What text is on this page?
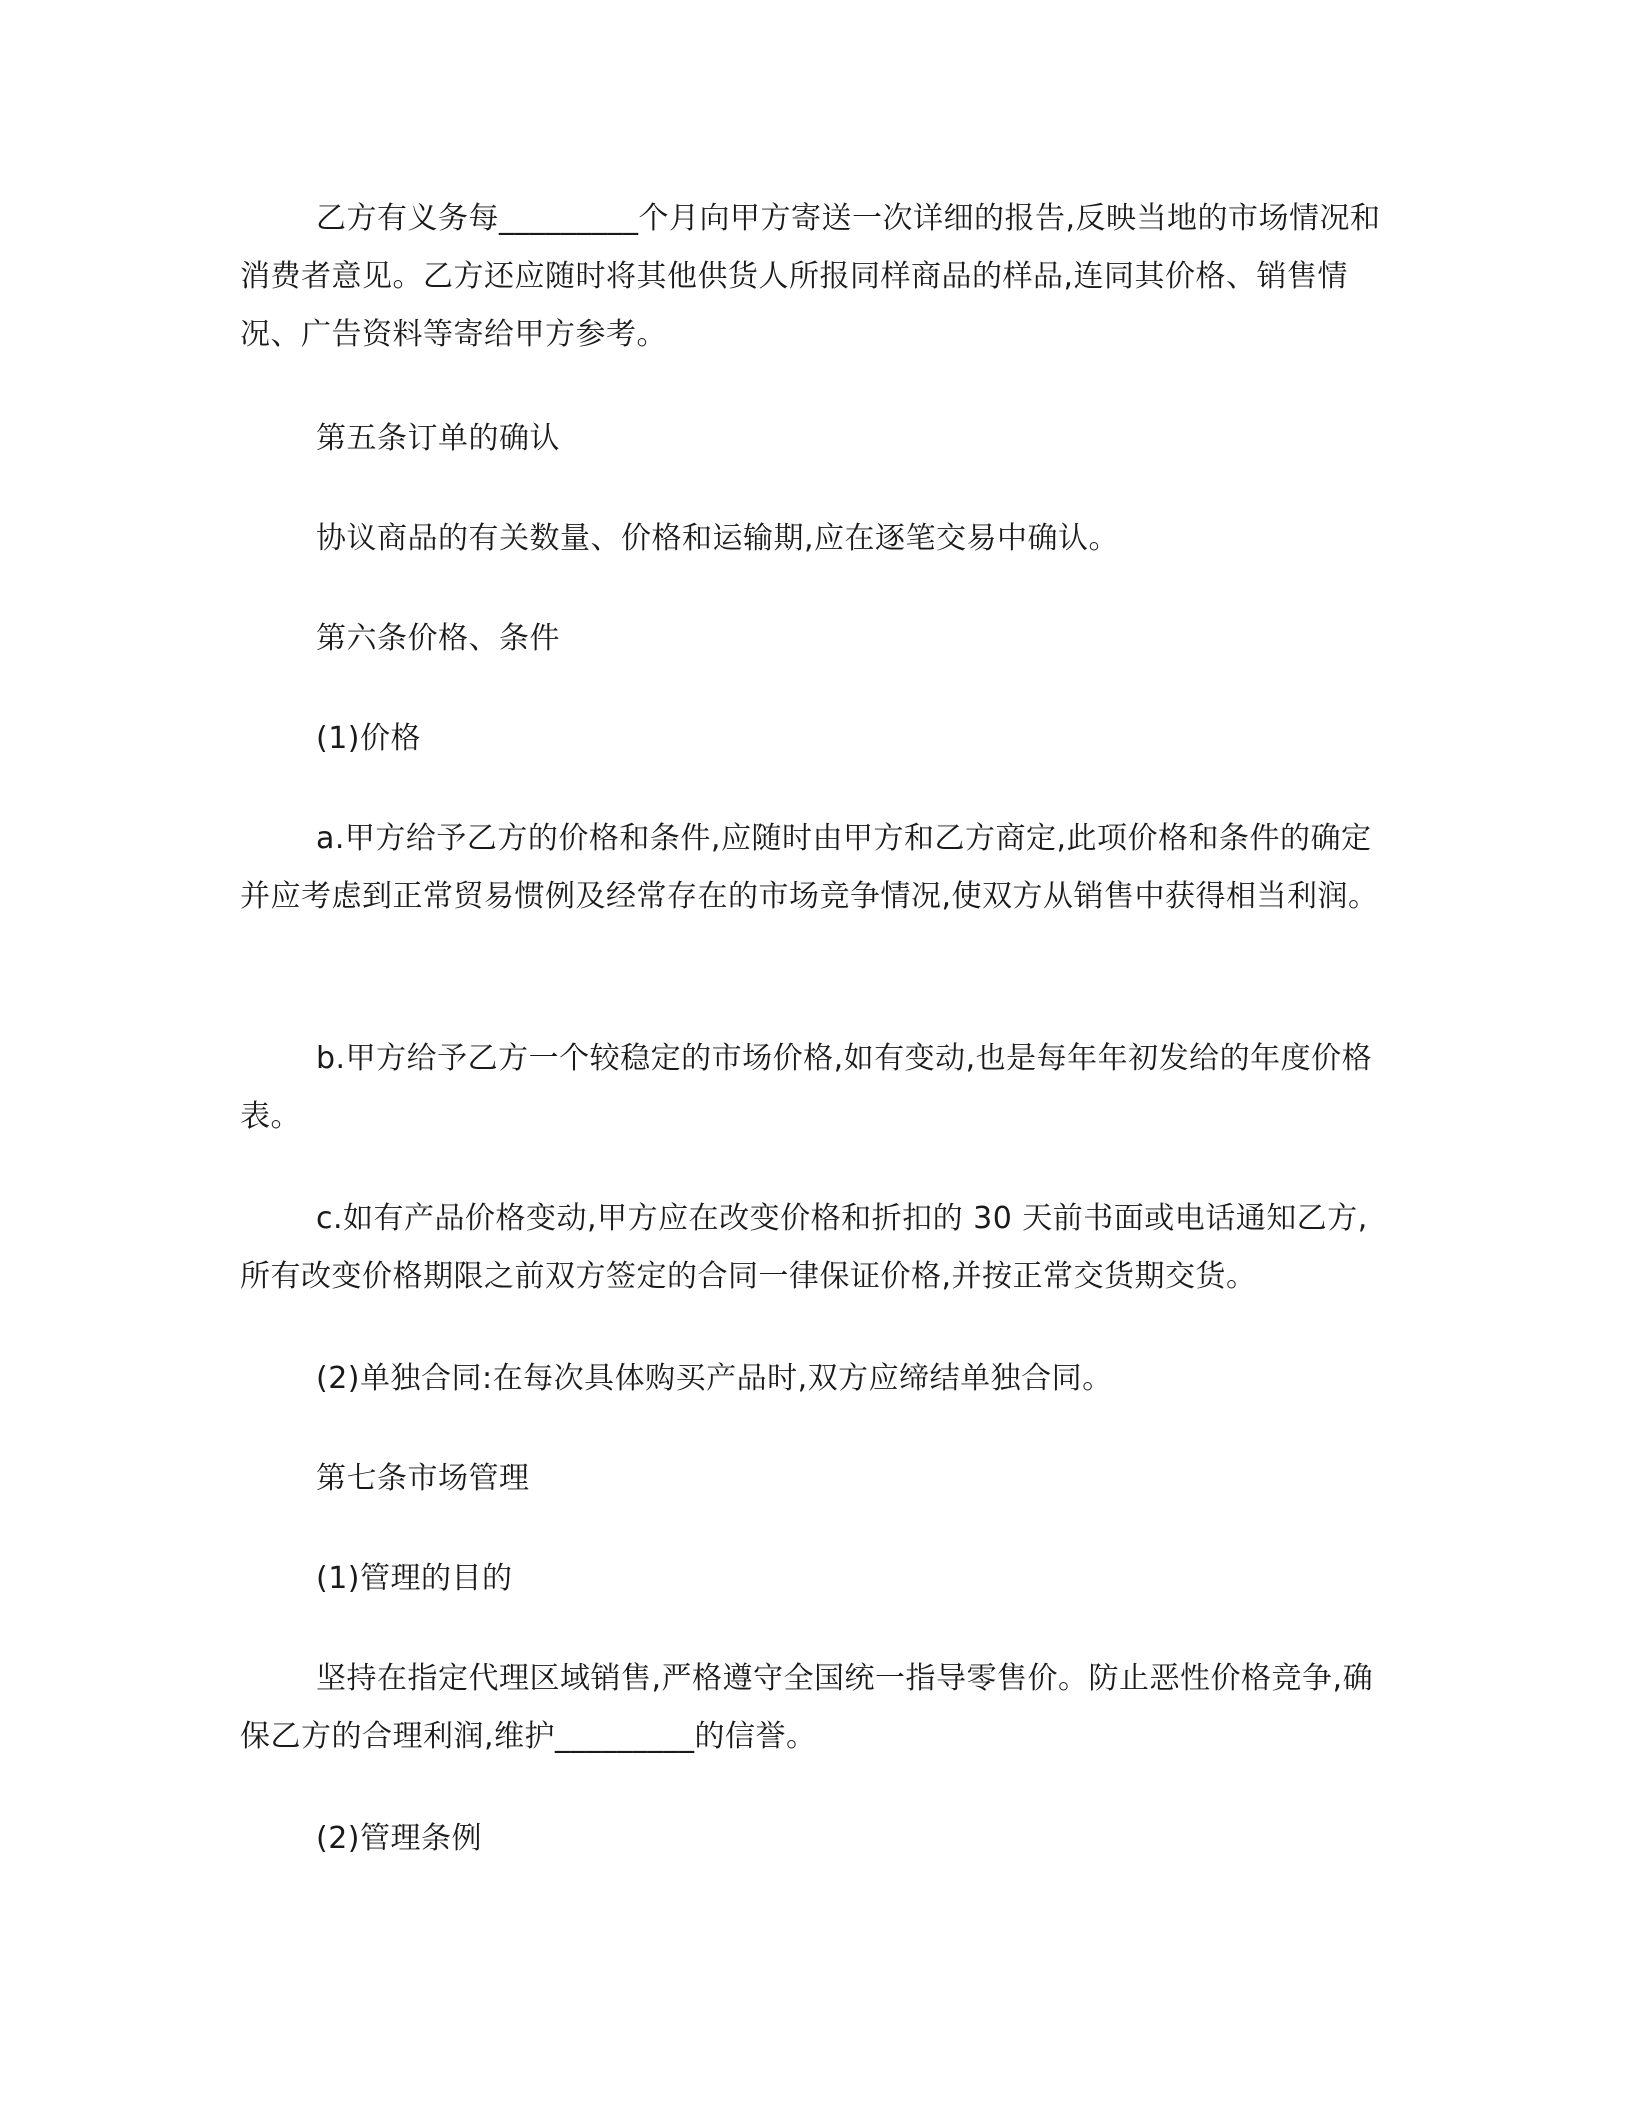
乙方有义务每_________个月向甲方寄送一次详细的报告,反映当地的市场情况和消费者意见。乙方还应随时将其他供货人所报同样商品的样品,连同其价格、销售情况、广告资料等寄给甲方参考。

第五条订单的确认

协议商品的有关数量、价格和运输期,应在逐笔交易中确认。

第六条价格、条件

(1)价格

a.甲方给予乙方的价格和条件,应随时由甲方和乙方商定,此项价格和条件的确定并应考虑到正常贸易惯例及经常存在的市场竞争情况,使双方从销售中获得相当利润。

b.甲方给予乙方一个较稳定的市场价格,如有变动,也是每年年初发给的年度价格表。

c.如有产品价格变动,甲方应在改变价格和折扣的 30 天前书面或电话通知乙方,所有改变价格期限之前双方签定的合同一律保证价格,并按正常交货期交货。

(2)单独合同:在每次具体购买产品时,双方应缔结单独合同。

第七条市场管理

(1)管理的目的

坚持在指定代理区域销售,严格遵守全国统一指导零售价。防止恶性价格竞争,确保乙方的合理利润,维护_________的信誉。

(2)管理条例
